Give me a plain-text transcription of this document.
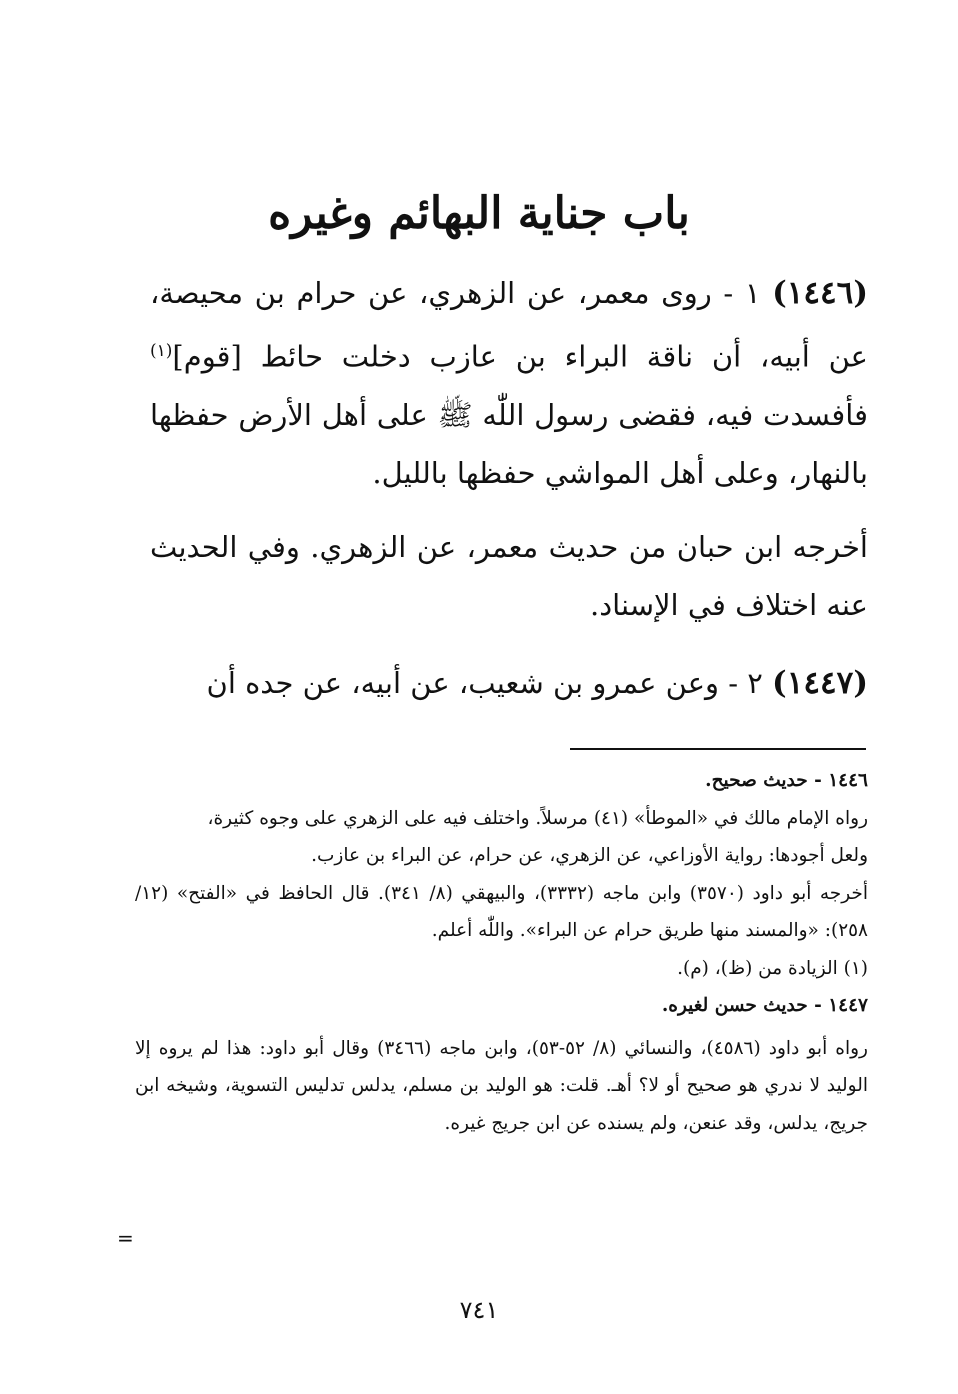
باب جناية البهائم وغيره
(١٤٤٦) ١ - روى معمر، عن الزهري، عن حرام بن محيصة، عن أبيه، أن ناقة البراء بن عازب دخلت حائط [قوم]$^{(١)}$ فأفسدت فيه، فقضى رسول اللّٰه ﷺ على أهل الأرض حفظها بالنهار، وعلى أهل المواشي حفظها بالليل.
أخرجه ابن حبان من حديث معمر، عن الزهري. وفي الحديث عنه اختلاف في الإسناد.
(١٤٤٧) ٢ - وعن عمرو بن شعيب، عن أبيه، عن جده أن

١٤٤٦ - حديث صحيح.

رواه الإمام مالك في «الموطأ» (٤١) مرسلاً. واختلف فيه على الزهري على وجوه كثيرة،

ولعل أجودها: رواية الأوزاعي، عن الزهري، عن حرام، عن البراء بن عازب.

أخرجه أبو داود (٣٥٧٠) وابن ماجه (٣٣٣٢)، والبيهقي (٨/ ٣٤١). قال الحافظ في «الفتح» (١٢/ ٢٥٨): «والمسند منها طريق حرام عن البراء». واللّٰه أعلم.

(١) الزيادة من (ظ)، (م).

١٤٤٧ - حديث حسن لغيره.

رواه أبو داود (٤٥٨٦)، والنسائي (٨/ ٥٢-٥٣)، وابن ماجه (٣٤٦٦) وقال أبو داود: هذا لم يروه إلا الوليد لا ندري هو صحيح أو لا؟ أهـ. قلت: هو الوليد بن مسلم، يدلس تدليس التسوية، وشيخه ابن جريج، يدلس، وقد عنعن، ولم يسنده عن ابن جريج غيره.

=
٧٤١
